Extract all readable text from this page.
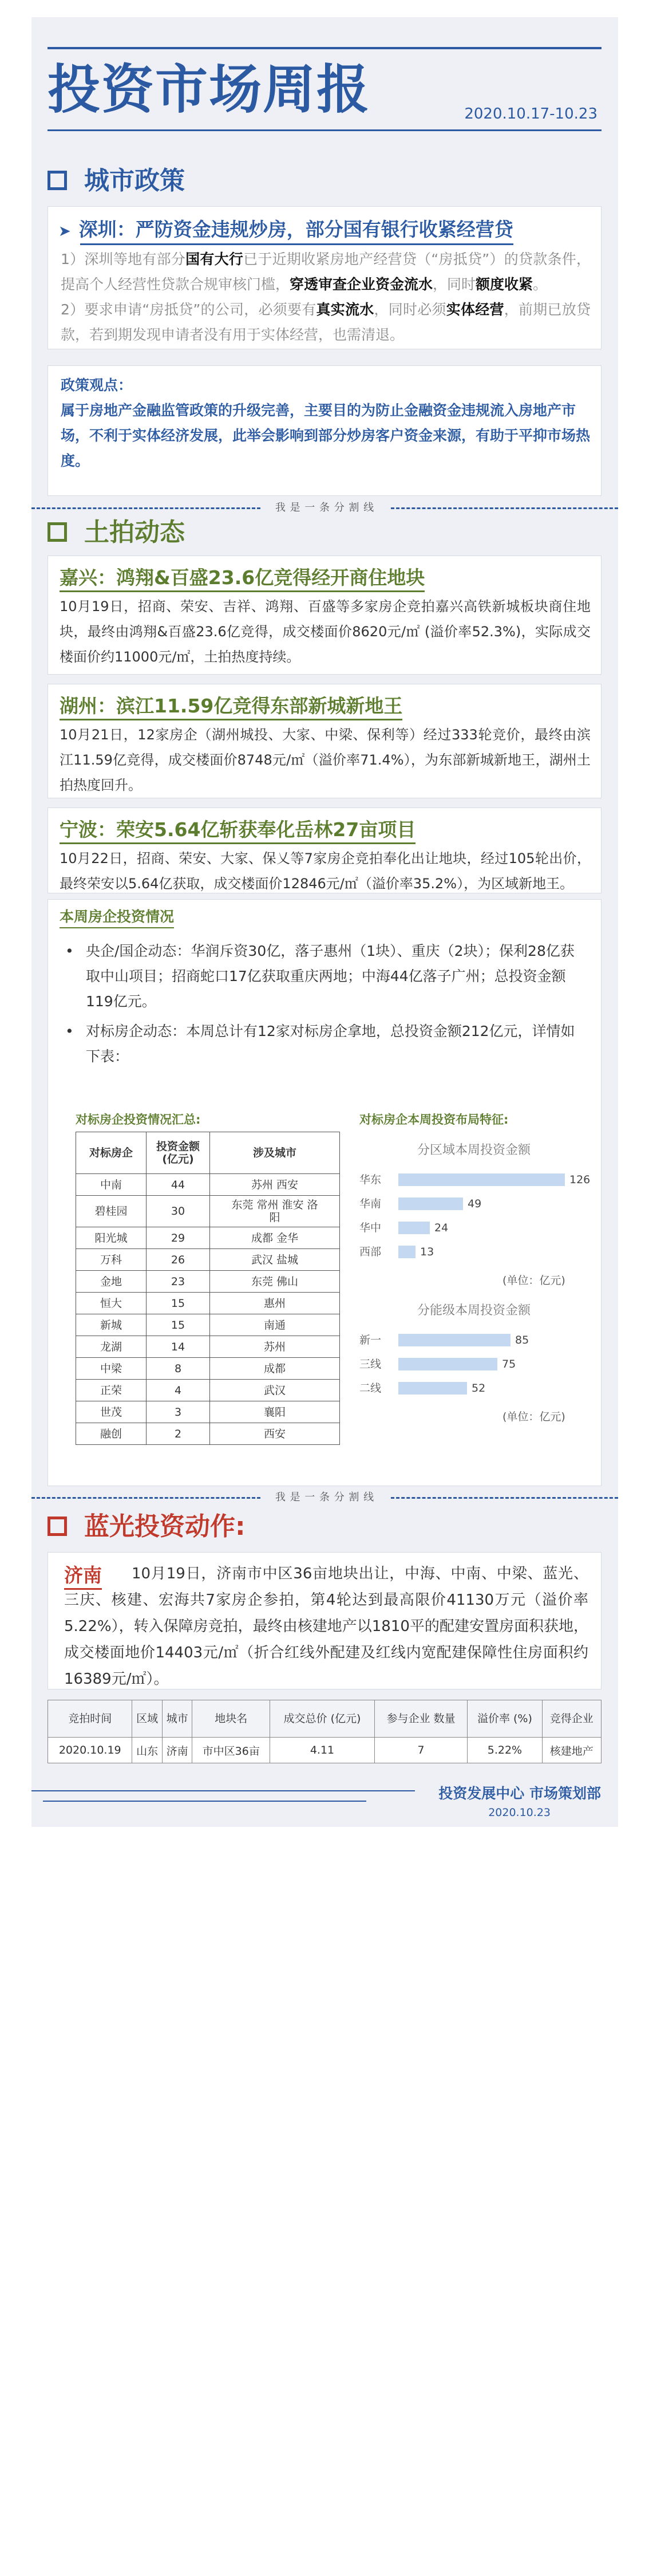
投资市场周报	2020.10.17-10.23
城市政策
➤ 深圳：严防资金违规炒房，部分国有银行收紧经营贷
1）深圳等地有部分国有大行已于近期收紧房地产经营贷（“房抵贷”）的贷款条件，提高个人经营性贷款合规审核门槛，穿透审查企业资金流水，同时额度收紧。
2）要求申请“房抵贷”的公司，必须要有真实流水，同时必须实体经营，前期已放贷款，若到期发现申请者没有用于实体经营，也需清退。
政策观点：
属于房地产金融监管政策的升级完善，主要目的为防止金融资金违规流入房地产市场，不利于实体经济发展，此举会影响到部分炒房客户资金来源，有助于平抑市场热度。
我 是 一 条 分 割 线
土拍动态
嘉兴：鸿翔&百盛23.6亿竞得经开商住地块
10月19日，招商、荣安、吉祥、鸿翔、百盛等多家房企竞拍嘉兴高铁新城板块商住地块，最终由鸿翔&百盛23.6亿竞得，成交楼面价8620元/㎡ (溢价率52.3%)，实际成交楼面价约11000元/㎡，土拍热度持续。
湖州：滨江11.59亿竞得东部新城新地王
10月21日，12家房企（湖州城投、大家、中梁、保利等）经过333轮竞价，最终由滨江11.59亿竞得，成交楼面价8748元/㎡（溢价率71.4%），为东部新城新地王，湖州土拍热度回升。
宁波：荣安5.64亿斩获奉化岳林27亩项目
10月22日，招商、荣安、大家、保乂等7家房企竞拍奉化出让地块，经过105轮出价，最终荣安以5.64亿获取，成交楼面价12846元/㎡（溢价率35.2%），为区域新地王。
本周房企投资情况
• 央企/国企动态：华润斥资30亿，落子惠州（1块）、重庆（2块）；保利28亿获取中山项目；招商蛇口17亿获取重庆两地；中海44亿落子广州；总投资金额119亿元。
• 对标房企动态：本周总计有12家对标房企拿地，总投资金额212亿元，详情如下表：
对标房企投资情况汇总:	对标房企本周投资布局特征:
对标房企	投资金额 (亿元)	涉及城市
中南	44	苏州 西安
碧桂园	30	东莞 常州 淮安 洛阳
阳光城	29	成都 金华
万科	26	武汉 盐城
金地	23	东莞 佛山
恒大	15	惠州
新城	15	南通
龙湖	14	苏州
中梁	8	成都
正荣	4	武汉
世茂	3	襄阳
融创	2	西安
分区域本周投资金额
华东	126
华南	49
华中	24
西部	13
(单位：亿元)
分能级本周投资金额
新一	85
三线	75
二线	52
(单位：亿元)
我 是 一 条 分 割 线
蓝光投资动作:
10月19日，济南市中区36亩地块出让，中海、中南、中梁、蓝光、三庆、核建、宏海共7家房企参拍，第4轮达到最高限价41130万元（溢价率5.22%），转入保障房竞拍，最终由核建地产以1810平的配建安置房面积获地，成交楼面地价14403元/㎡（折合红线外配建及红线内宽配建保障性住房面积约16389元/㎡）。
济南
竞拍时间	区域	城市	地块名	成交总价 (亿元)	参与企业 数量	溢价率 (%)	竞得企业
2020.10.19	山东	济南	市中区36亩	4.11	7	5.22%	核建地产
投资发展中心 市场策划部
2020.10.23
